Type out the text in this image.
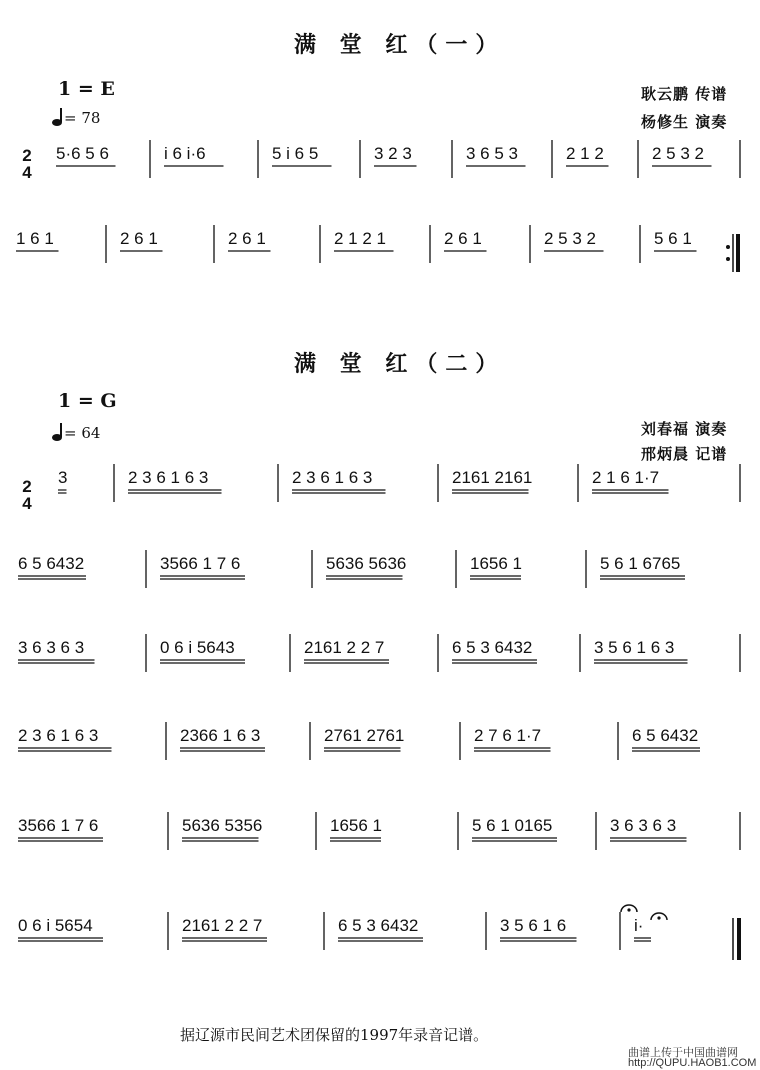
满 堂 红（一）
1 = E
= 78
耿云鹏 传谱
杨修生 演奏
满 堂 红（二）
1 = G
= 64	刘春福 演奏
邢炳晨 记谱
2
4
2
4
5·6 5 6	i 6 i·6	5 i 6 5	3 2 3	3 6 5 3	2 1 2	2 5 3 2
1 6 1	2 6 1	2 6 1	2 1 2 1	2 6 1	2 5 3 2	5 6 1
3	2 3 6 1 6 3	2 3 6 1 6 3	2161 2161	2 1 6 1·7
6 5 6432	3566 1 7 6	5636 5636	1656 1	5 6 1 6765
3 6 3 6 3	0 6 i 5643	2161 2 2 7	6 5 3 6432	3 5 6 1 6 3
2 3 6 1 6 3	2366 1 6 3	2761 2761	2 7 6 1·7	6 5 6432
3566 1 7 6	5636 5356	1656 1	5 6 1 0165	3 6 3 6 3
0 6 i 5654	2161 2 2 7	6 5 3 6432	3 5 6 1 6	i·
据辽源市民间艺术团保留的1997年录音记谱。
曲谱上传于中国曲谱网
http://QUPU.HAOB1.COM
